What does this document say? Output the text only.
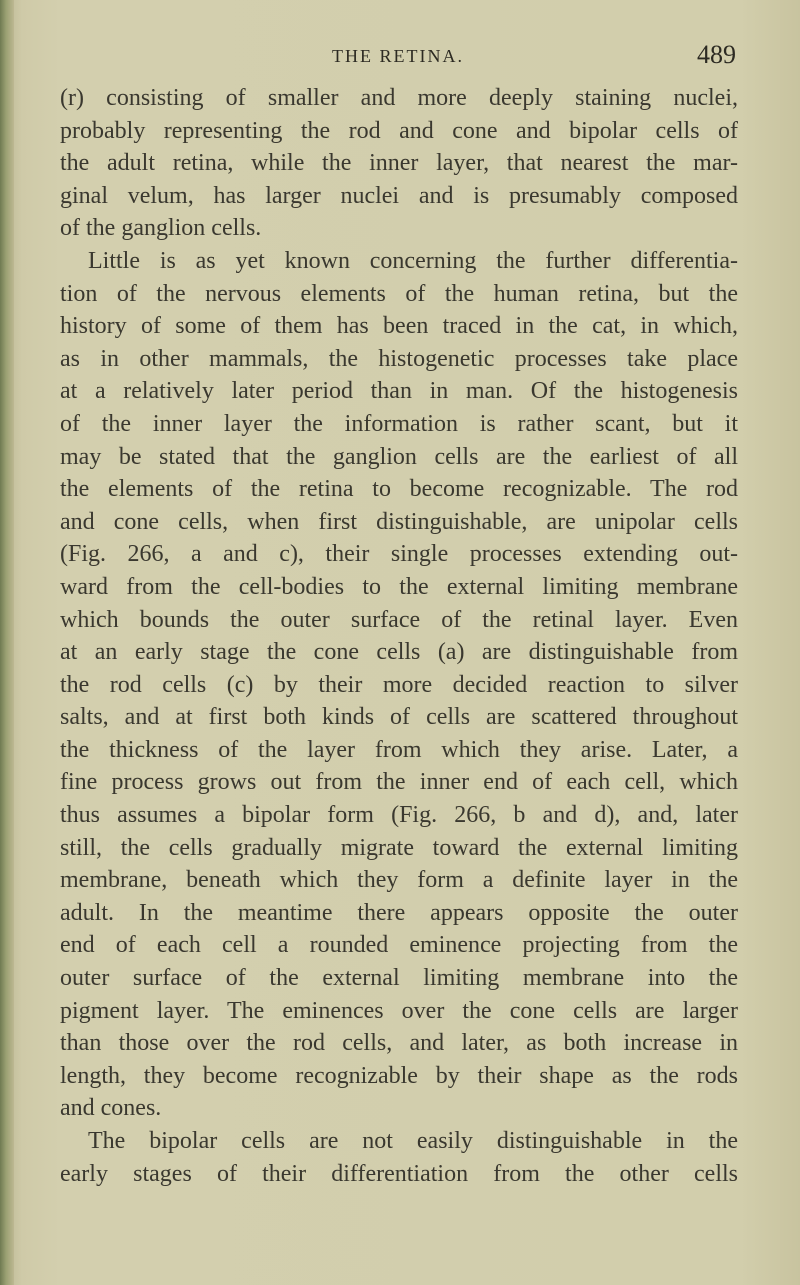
THE RETINA.	489
(r) consisting of smaller and more deeply staining nuclei,
probably representing the rod and cone and bipolar cells of
the adult retina, while the inner layer, that nearest the mar-
ginal velum, has larger nuclei and is presumably composed
of the ganglion cells.
Little is as yet known concerning the further differentia-
tion of the nervous elements of the human retina, but the
history of some of them has been traced in the cat, in which,
as in other mammals, the histogenetic processes take place
at a relatively later period than in man. Of the histogenesis
of the inner layer the information is rather scant, but it
may be stated that the ganglion cells are the earliest of all
the elements of the retina to become recognizable. The rod
and cone cells, when first distinguishable, are unipolar cells
(Fig. 266, a and c), their single processes extending out-
ward from the cell-bodies to the external limiting membrane
which bounds the outer surface of the retinal layer. Even
at an early stage the cone cells (a) are distinguishable from
the rod cells (c) by their more decided reaction to silver
salts, and at first both kinds of cells are scattered throughout
the thickness of the layer from which they arise. Later, a
fine process grows out from the inner end of each cell, which
thus assumes a bipolar form (Fig. 266, b and d), and, later
still, the cells gradually migrate toward the external limiting
membrane, beneath which they form a definite layer in the
adult. In the meantime there appears opposite the outer
end of each cell a rounded eminence projecting from the
outer surface of the external limiting membrane into the
pigment layer. The eminences over the cone cells are larger
than those over the rod cells, and later, as both increase in
length, they become recognizable by their shape as the rods
and cones.
The bipolar cells are not easily distinguishable in the
early stages of their differentiation from the other cells
